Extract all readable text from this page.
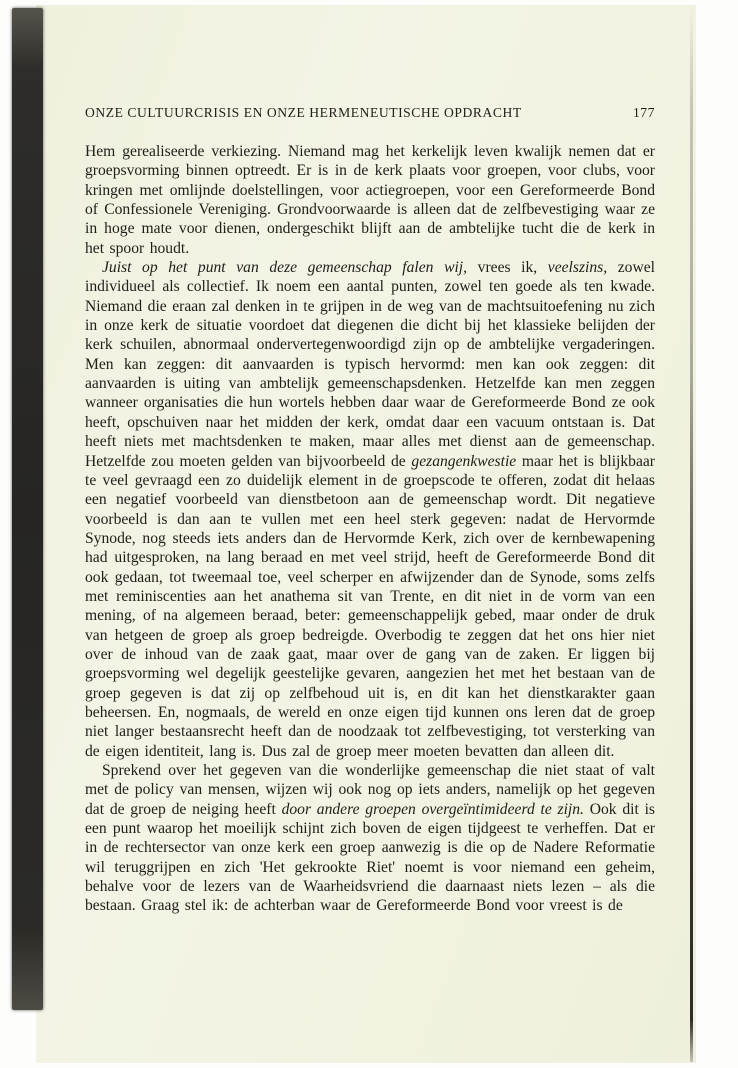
ONZE CULTUURCRISIS EN ONZE HERMENEUTISCHE OPDRACHT	177

Hem gerealiseerde verkiezing. Niemand mag het kerkelijk leven kwalijk nemen dat er groepsvorming binnen optreedt. Er is in de kerk plaats voor groepen, voor clubs, voor kringen met omlijnde doelstellingen, voor actiegroepen, voor een Gereformeerde Bond of Confessionele Vereniging. Grondvoorwaarde is alleen dat de zelfbevestiging waar ze in hoge mate voor dienen, ondergeschikt blijft aan de ambtelijke tucht die de kerk in het spoor houdt.

Juist op het punt van deze gemeenschap falen wij, vrees ik, veelszins, zowel individueel als collectief. Ik noem een aantal punten, zowel ten goede als ten kwade. Niemand die eraan zal denken in te grijpen in de weg van de machtsuitoefening nu zich in onze kerk de situatie voordoet dat diegenen die dicht bij het klassieke belijden der kerk schuilen, abnormaal ondervertegenwoordigd zijn op de ambtelijke vergaderingen. Men kan zeggen: dit aanvaarden is typisch hervormd: men kan ook zeggen: dit aanvaarden is uiting van ambtelijk gemeenschapsdenken. Hetzelfde kan men zeggen wanneer organisaties die hun wortels hebben daar waar de Gereformeerde Bond ze ook heeft, opschuiven naar het midden der kerk, omdat daar een vacuum ontstaan is. Dat heeft niets met machtsdenken te maken, maar alles met dienst aan de gemeenschap. Hetzelfde zou moeten gelden van bijvoorbeeld de gezangenkwestie maar het is blijkbaar te veel gevraagd een zo duidelijk element in de groepscode te offeren, zodat dit helaas een negatief voorbeeld van dienstbetoon aan de gemeenschap wordt. Dit negatieve voorbeeld is dan aan te vullen met een heel sterk gegeven: nadat de Hervormde Synode, nog steeds iets anders dan de Hervormde Kerk, zich over de kernbewapening had uitgesproken, na lang beraad en met veel strijd, heeft de Gereformeerde Bond dit ook gedaan, tot tweemaal toe, veel scherper en afwijzender dan de Synode, soms zelfs met reminiscenties aan het anathema sit van Trente, en dit niet in de vorm van een mening, of na algemeen beraad, beter: gemeenschappelijk gebed, maar onder de druk van hetgeen de groep als groep bedreigde. Overbodig te zeggen dat het ons hier niet over de inhoud van de zaak gaat, maar over de gang van de zaken. Er liggen bij groepsvorming wel degelijk geestelijke gevaren, aangezien het met het bestaan van de groep gegeven is dat zij op zelfbehoud uit is, en dit kan het dienstkarakter gaan beheersen. En, nogmaals, de wereld en onze eigen tijd kunnen ons leren dat de groep niet langer bestaansrecht heeft dan de noodzaak tot zelfbevestiging, tot versterking van de eigen identiteit, lang is. Dus zal de groep meer moeten bevatten dan alleen dit.

Sprekend over het gegeven van die wonderlijke gemeenschap die niet staat of valt met de policy van mensen, wijzen wij ook nog op iets anders, namelijk op het gegeven dat de groep de neiging heeft door andere groepen overgeïntimideerd te zijn. Ook dit is een punt waarop het moeilijk schijnt zich boven de eigen tijdgeest te verheffen. Dat er in de rechtersector van onze kerk een groep aanwezig is die op de Nadere Reformatie wil teruggrijpen en zich 'Het gekrookte Riet' noemt is voor niemand een geheim, behalve voor de lezers van de Waarheidsvriend die daarnaast niets lezen – als die bestaan. Graag stel ik: de achterban waar de Gereformeerde Bond voor vreest is de
